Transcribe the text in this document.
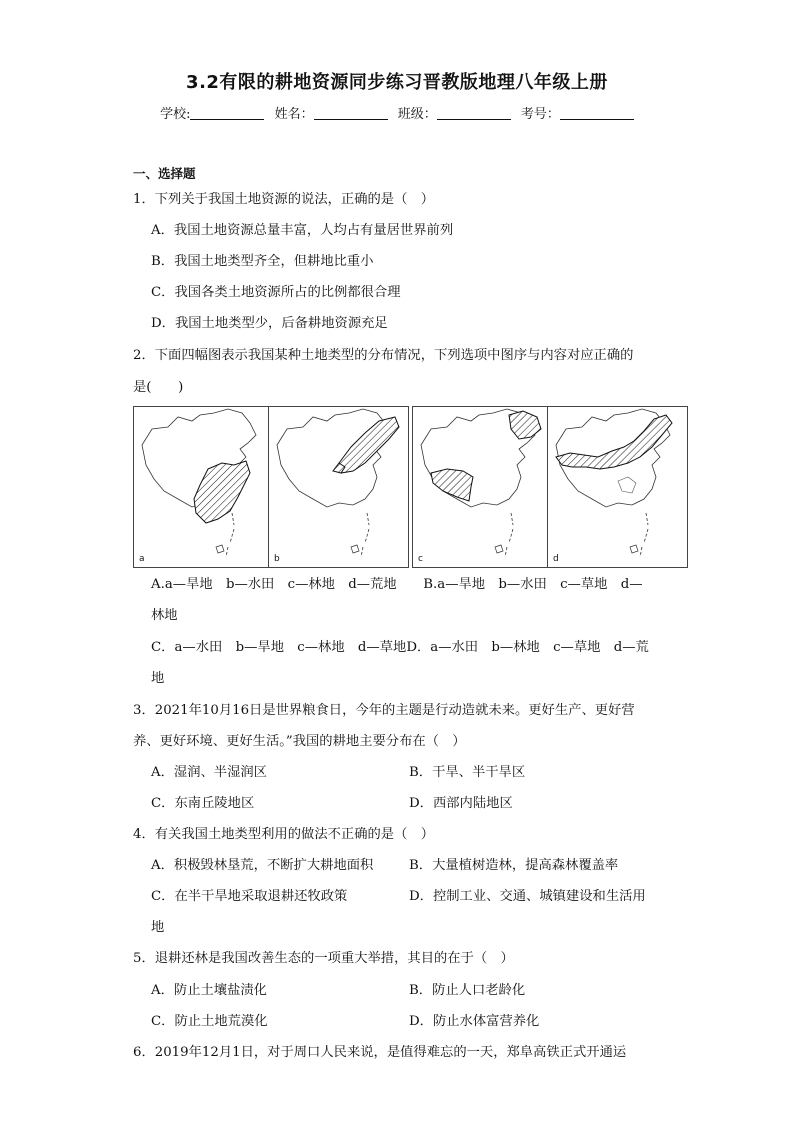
3.2有限的耕地资源同步练习晋教版地理八年级上册
学校:	姓名：	班级：	考号：
一、选择题
1．下列关于我国土地资源的说法，正确的是（　）
A．我国土地资源总量丰富，人均占有量居世界前列
B．我国土地类型齐全，但耕地比重小
C．我国各类土地资源所占的比例都很合理
D．我国土地类型少，后备耕地资源充足
2．下面四幅图表示我国某种土地类型的分布情况，下列选项中图序与内容对应正确的
是(　　)
a	b	c	d
A.a—旱地　b—水田　c—林地　d—荒地　　B.a—旱地　b—水田　c—草地　d—
林地
C．a—水田　b—旱地　c—林地　d—草地D．a—水田　b—林地　c—草地　d—荒
地
3．2021年10月16日是世界粮食日，今年的主题是行动造就未来。更好生产、更好营
养、更好环境、更好生活。”我国的耕地主要分布在（　）
A．湿润、半湿润区	B．干旱、半干旱区
C．东南丘陵地区	D．西部内陆地区
4．有关我国土地类型利用的做法不正确的是（　）
A．积极毁林垦荒，不断扩大耕地面积	B．大量植树造林，提高森林覆盖率
C．在半干旱地采取退耕还牧政策	D．控制工业、交通、城镇建设和生活用
地
5．退耕还林是我国改善生态的一项重大举措，其目的在于（　）
A．防止土壤盐渍化	B．防止人口老龄化
C．防止土地荒漠化	D．防止水体富营养化
6．2019年12月1日，对于周口人民来说，是值得难忘的一天，郑阜高铁正式开通运
